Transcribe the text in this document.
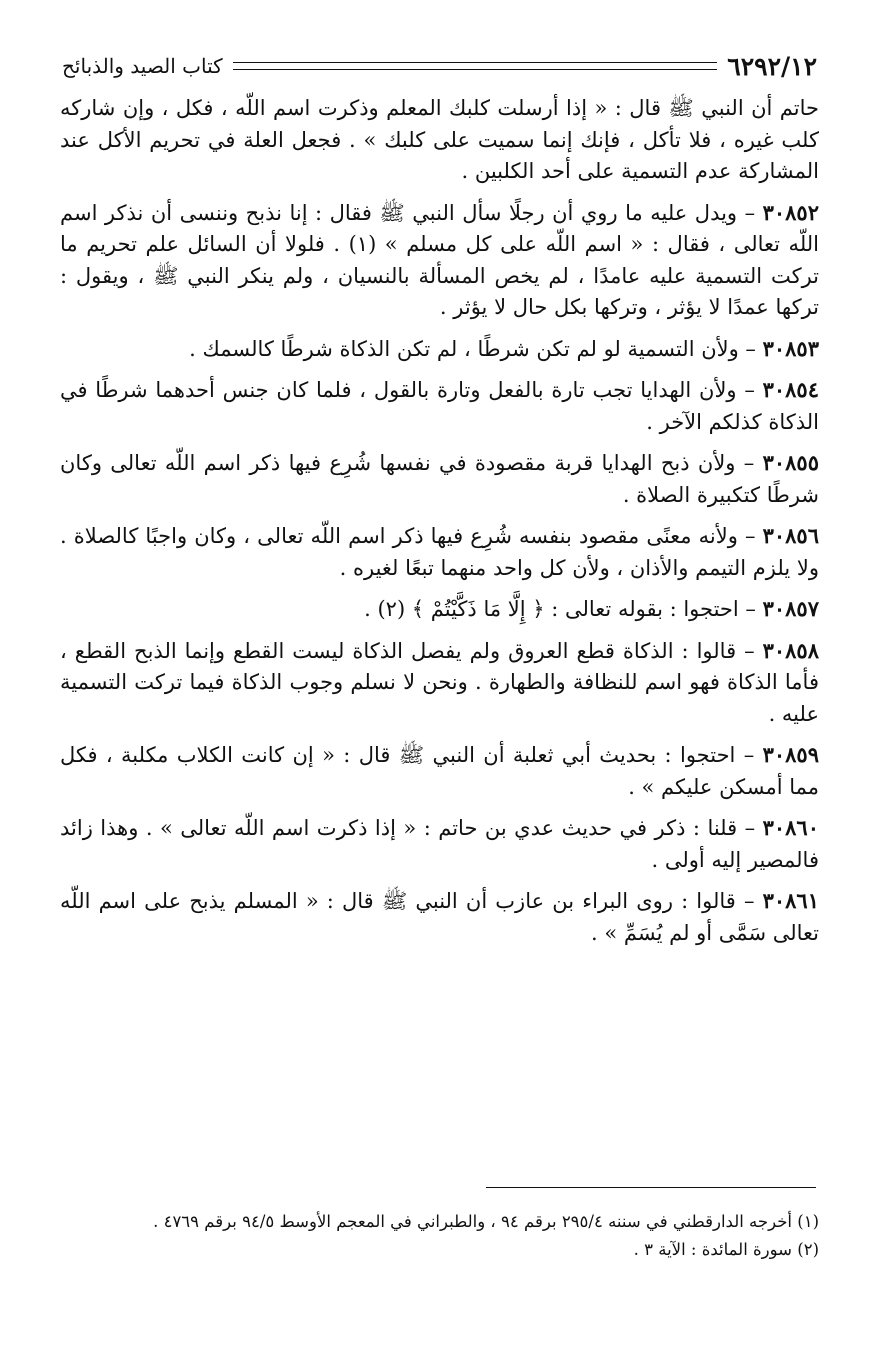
٦٢٩٢/١٢
كتاب الصيد والذبائح

حاتم أن النبي ﷺ قال : « إذا أرسلت كلبك المعلم وذكرت اسم اللّه ، فكل ، وإن شاركه كلب غيره ، فلا تأكل ، فإنك إنما سميت على كلبك » . فجعل العلة في تحريم الأكل عند المشاركة عدم التسمية على أحد الكلبين .

٣٠٨٥٢ – ويدل عليه ما روي أن رجلًا سأل النبي ﷺ فقال : إنا نذبح وننسى أن نذكر اسم اللّه تعالى ، فقال : « اسم اللّه على كل مسلم » (١) . فلولا أن السائل علم تحريم ما تركت التسمية عليه عامدًا ، لم يخص المسألة بالنسيان ، ولم ينكر النبي ﷺ ، ويقول : تركها عمدًا لا يؤثر ، وتركها بكل حال لا يؤثر .

٣٠٨٥٣ – ولأن التسمية لو لم تكن شرطًا ، لم تكن الذكاة شرطًا كالسمك .

٣٠٨٥٤ – ولأن الهدايا تجب تارة بالفعل وتارة بالقول ، فلما كان جنس أحدهما شرطًا في الذكاة كذلكم الآخر .

٣٠٨٥٥ – ولأن ذبح الهدايا قربة مقصودة في نفسها شُرِع فيها ذكر اسم اللّه تعالى وكان شرطًا كتكبيرة الصلاة .

٣٠٨٥٦ – ولأنه معنًى مقصود بنفسه شُرِع فيها ذكر اسم اللّه تعالى ، وكان واجبًا كالصلاة . ولا يلزم التيمم والأذان ، ولأن كل واحد منهما تبعًا لغيره .

٣٠٨٥٧ – احتجوا : بقوله تعالى : ﴿ إِلَّا مَا ذَكَّيْتُمْ ﴾ (٢) .

٣٠٨٥٨ – قالوا : الذكاة قطع العروق ولم يفصل الذكاة ليست القطع وإنما الذبح القطع ، فأما الذكاة فهو اسم للنظافة والطهارة . ونحن لا نسلم وجوب الذكاة فيما تركت التسمية عليه .

٣٠٨٥٩ – احتجوا : بحديث أبي ثعلبة أن النبي ﷺ قال : « إن كانت الكلاب مكلبة ، فكل مما أمسكن عليكم » .

٣٠٨٦٠ – قلنا : ذكر في حديث عدي بن حاتم : « إذا ذكرت اسم اللّه تعالى » . وهذا زائد فالمصير إليه أولى .

٣٠٨٦١ – قالوا : روى البراء بن عازب أن النبي ﷺ قال : « المسلم يذبح على اسم اللّه تعالى سَمَّى أو لم يُسَمِّ » .

(١) أخرجه الدارقطني في سننه ٢٩٥/٤ برقم ٩٤ ، والطبراني في المعجم الأوسط ٩٤/٥ برقم ٤٧٦٩ .

(٢) سورة المائدة : الآية ٣ .
